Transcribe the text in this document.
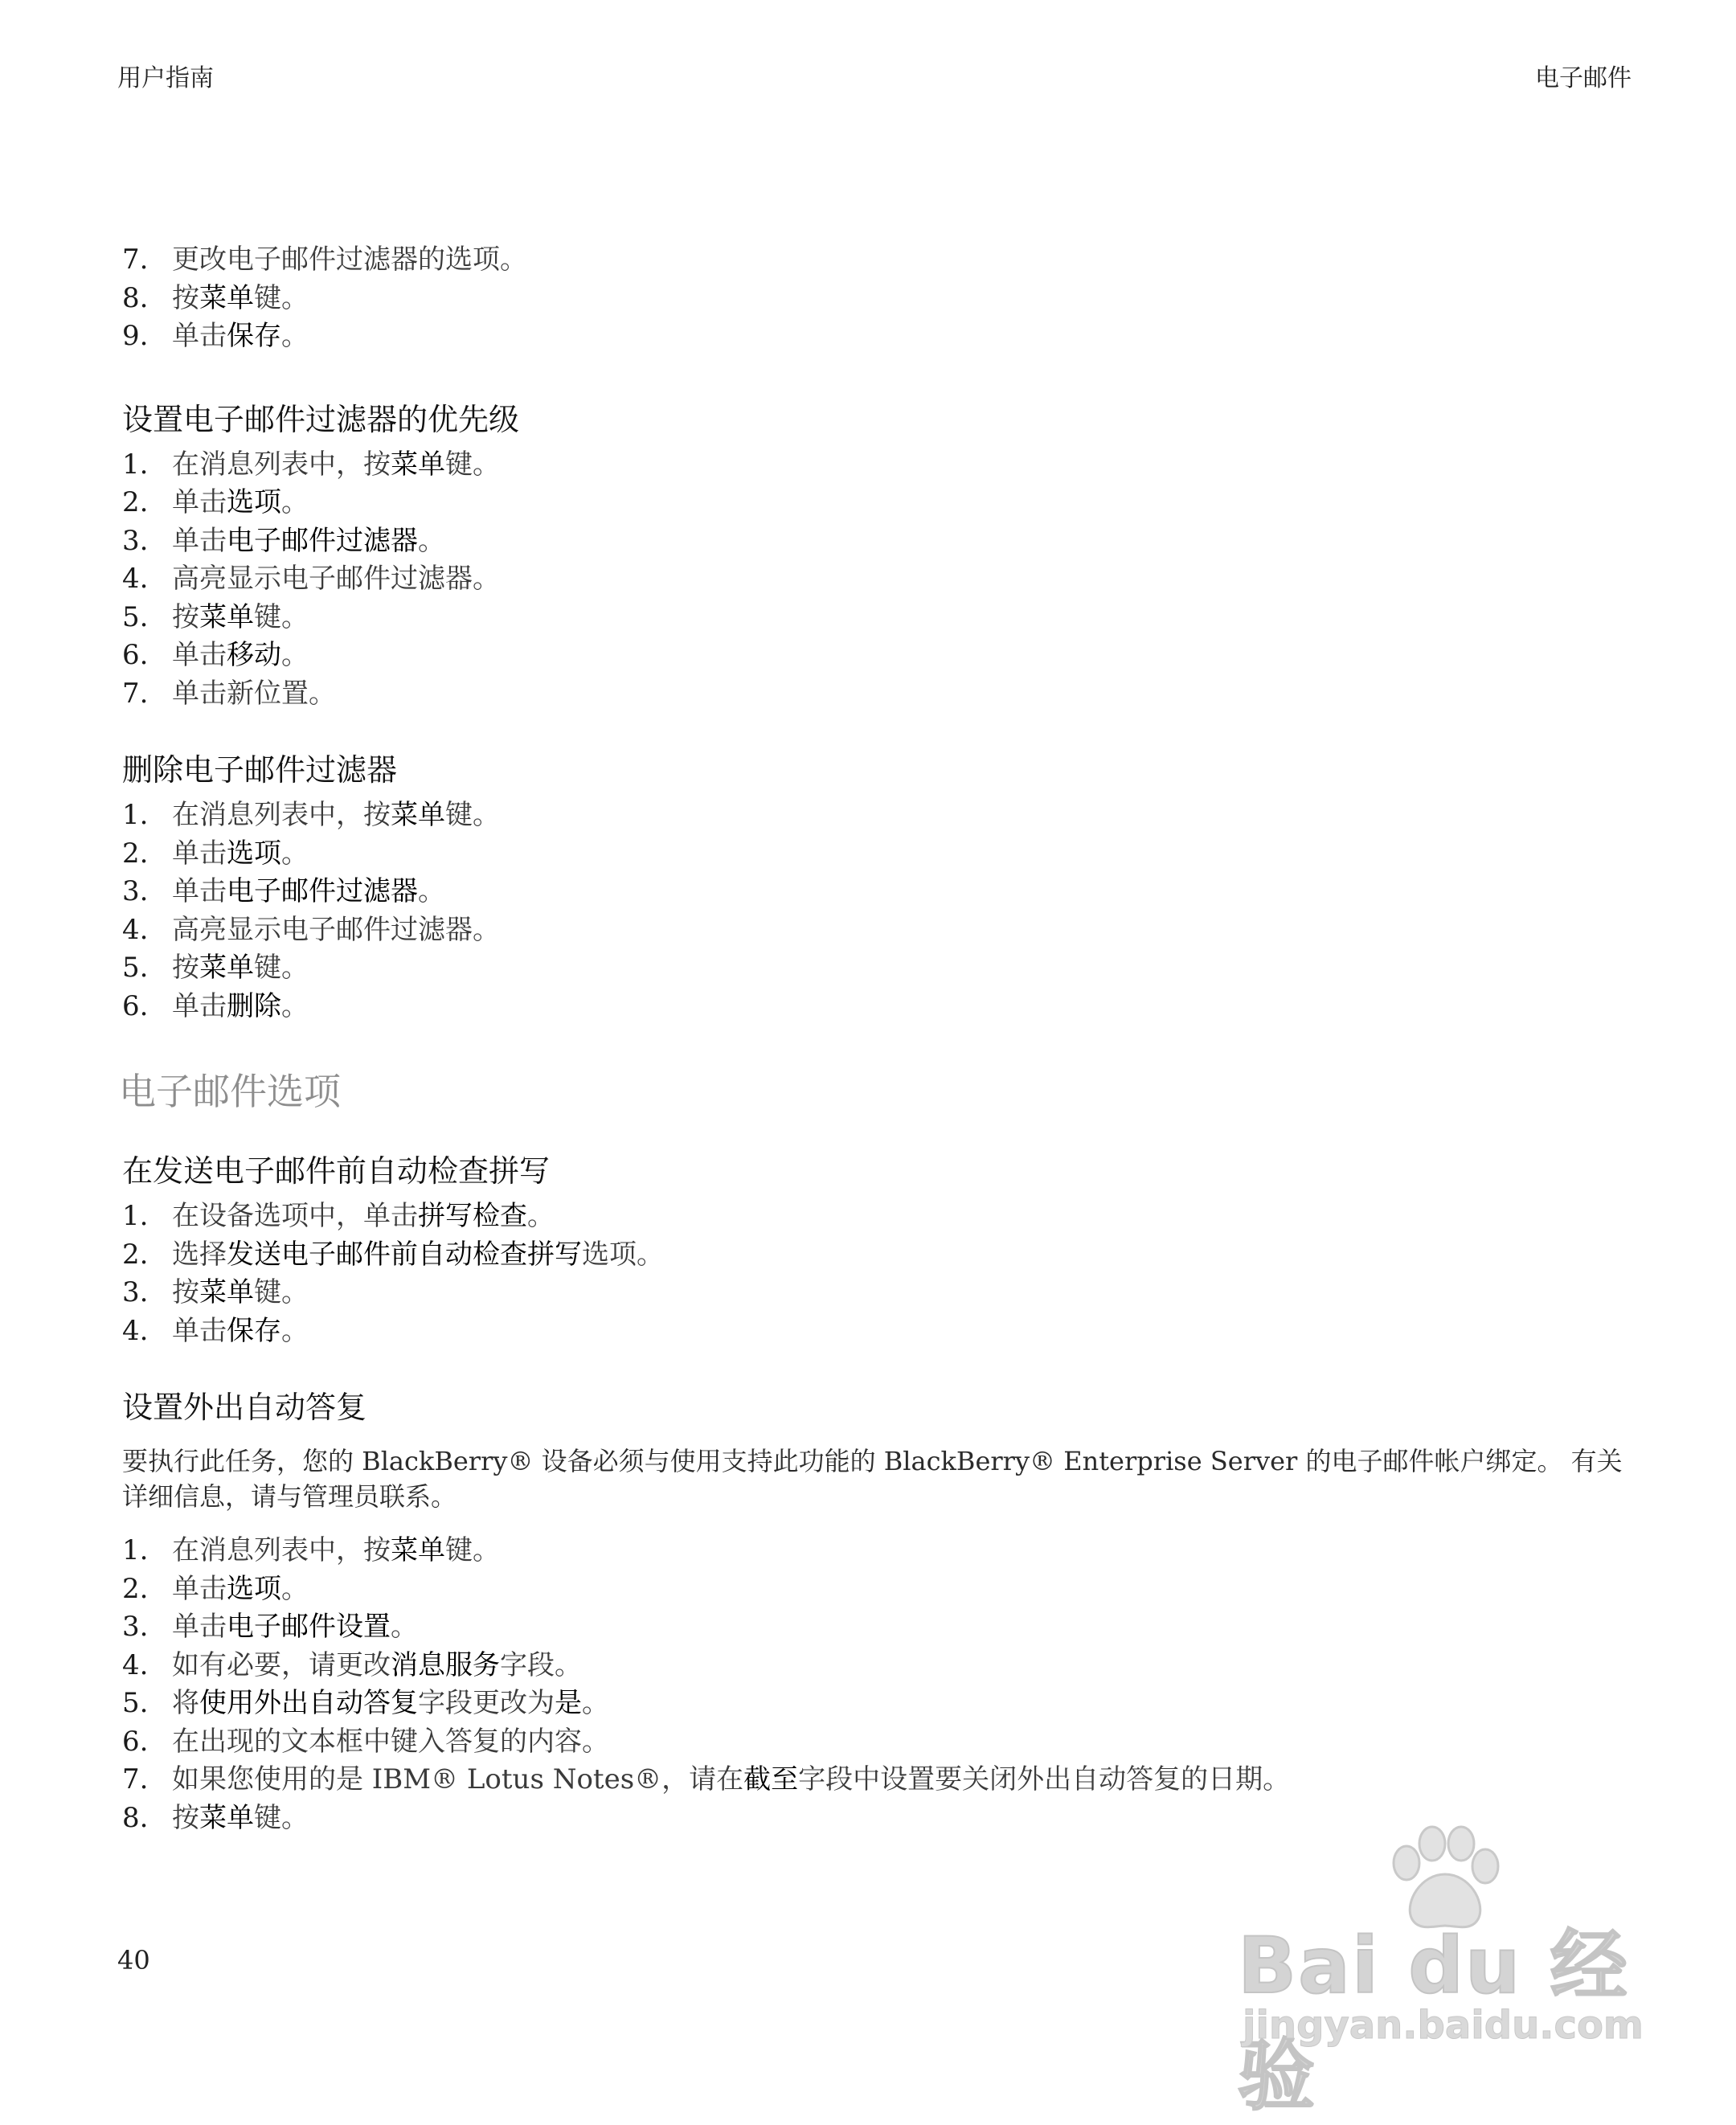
用户指南	电子邮件
7. 更改电子邮件过滤器的选项。
8. 按菜单键。
9. 单击保存。
设置电子邮件过滤器的优先级
1. 在消息列表中，按菜单键。
2. 单击选项。
3. 单击电子邮件过滤器。
4. 高亮显示电子邮件过滤器。
5. 按菜单键。
6. 单击移动。
7. 单击新位置。
删除电子邮件过滤器
1. 在消息列表中，按菜单键。
2. 单击选项。
3. 单击电子邮件过滤器。
4. 高亮显示电子邮件过滤器。
5. 按菜单键。
6. 单击删除。
电子邮件选项
在发送电子邮件前自动检查拼写
1. 在设备选项中，单击拼写检查。
2. 选择发送电子邮件前自动检查拼写选项。
3. 按菜单键。
4. 单击保存。
设置外出自动答复
要执行此任务，您的 BlackBerry® 设备必须与使用支持此功能的 BlackBerry® Enterprise Server 的电子邮件帐户绑定。 有关详细信息，请与管理员联系。
1. 在消息列表中，按菜单键。
2. 单击选项。
3. 单击电子邮件设置。
4. 如有必要，请更改消息服务字段。
5. 将使用外出自动答复字段更改为是。
6. 在出现的文本框中键入答复的内容。
7. 如果您使用的是 IBM® Lotus Notes®，请在截至字段中设置要关闭外出自动答复的日期。
8. 按菜单键。
40	Bai du 经验
jingyan.baidu.com
